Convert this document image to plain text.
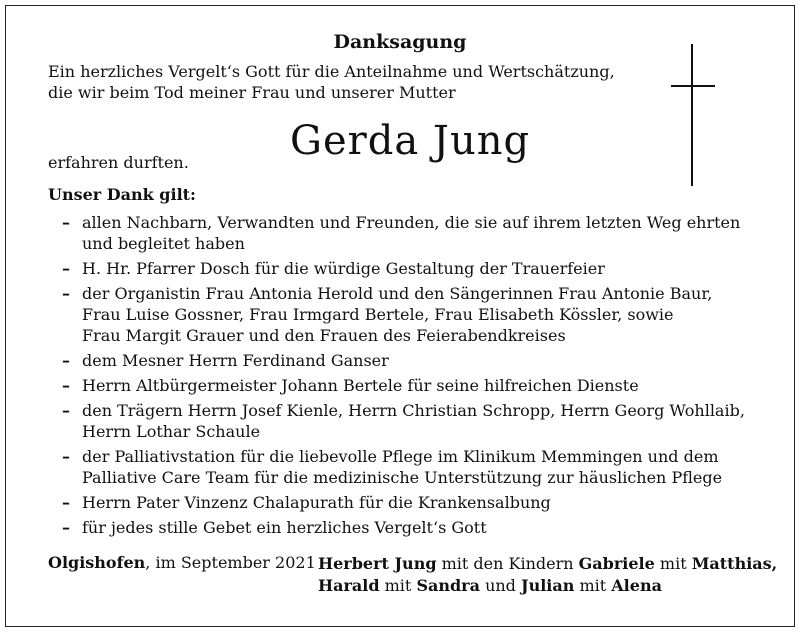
Danksagung
Ein herzliches Vergelt‘s Gott für die Anteilnahme und Wertschätzung,
die wir beim Tod meiner Frau und unserer Mutter
Gerda Jung
erfahren durften.
Unser Dank gilt:
– allen Nachbarn, Verwandten und Freunden, die sie auf ihrem letzten Weg ehrten
und begleitet haben
– H. Hr. Pfarrer Dosch für die würdige Gestaltung der Trauerfeier
– der Organistin Frau Antonia Herold und den Sängerinnen Frau Antonie Baur,
Frau Luise Gossner, Frau Irmgard Bertele, Frau Elisabeth Kössler, sowie
Frau Margit Grauer und den Frauen des Feierabendkreises
– dem Mesner Herrn Ferdinand Ganser
– Herrn Altbürgermeister Johann Bertele für seine hilfreichen Dienste
– den Trägern Herrn Josef Kienle, Herrn Christian Schropp, Herrn Georg Wohllaib,
Herrn Lothar Schaule
– der Palliativstation für die liebevolle Pflege im Klinikum Memmingen und dem
Palliative Care Team für die medizinische Unterstützung zur häuslichen Pflege
– Herrn Pater Vinzenz Chalapurath für die Krankensalbung
– für jedes stille Gebet ein herzliches Vergelt‘s Gott
Olgishofen, im September 2021 Herbert Jung mit den Kindern Gabriele mit Matthias,
Harald mit Sandra und Julian mit Alena
